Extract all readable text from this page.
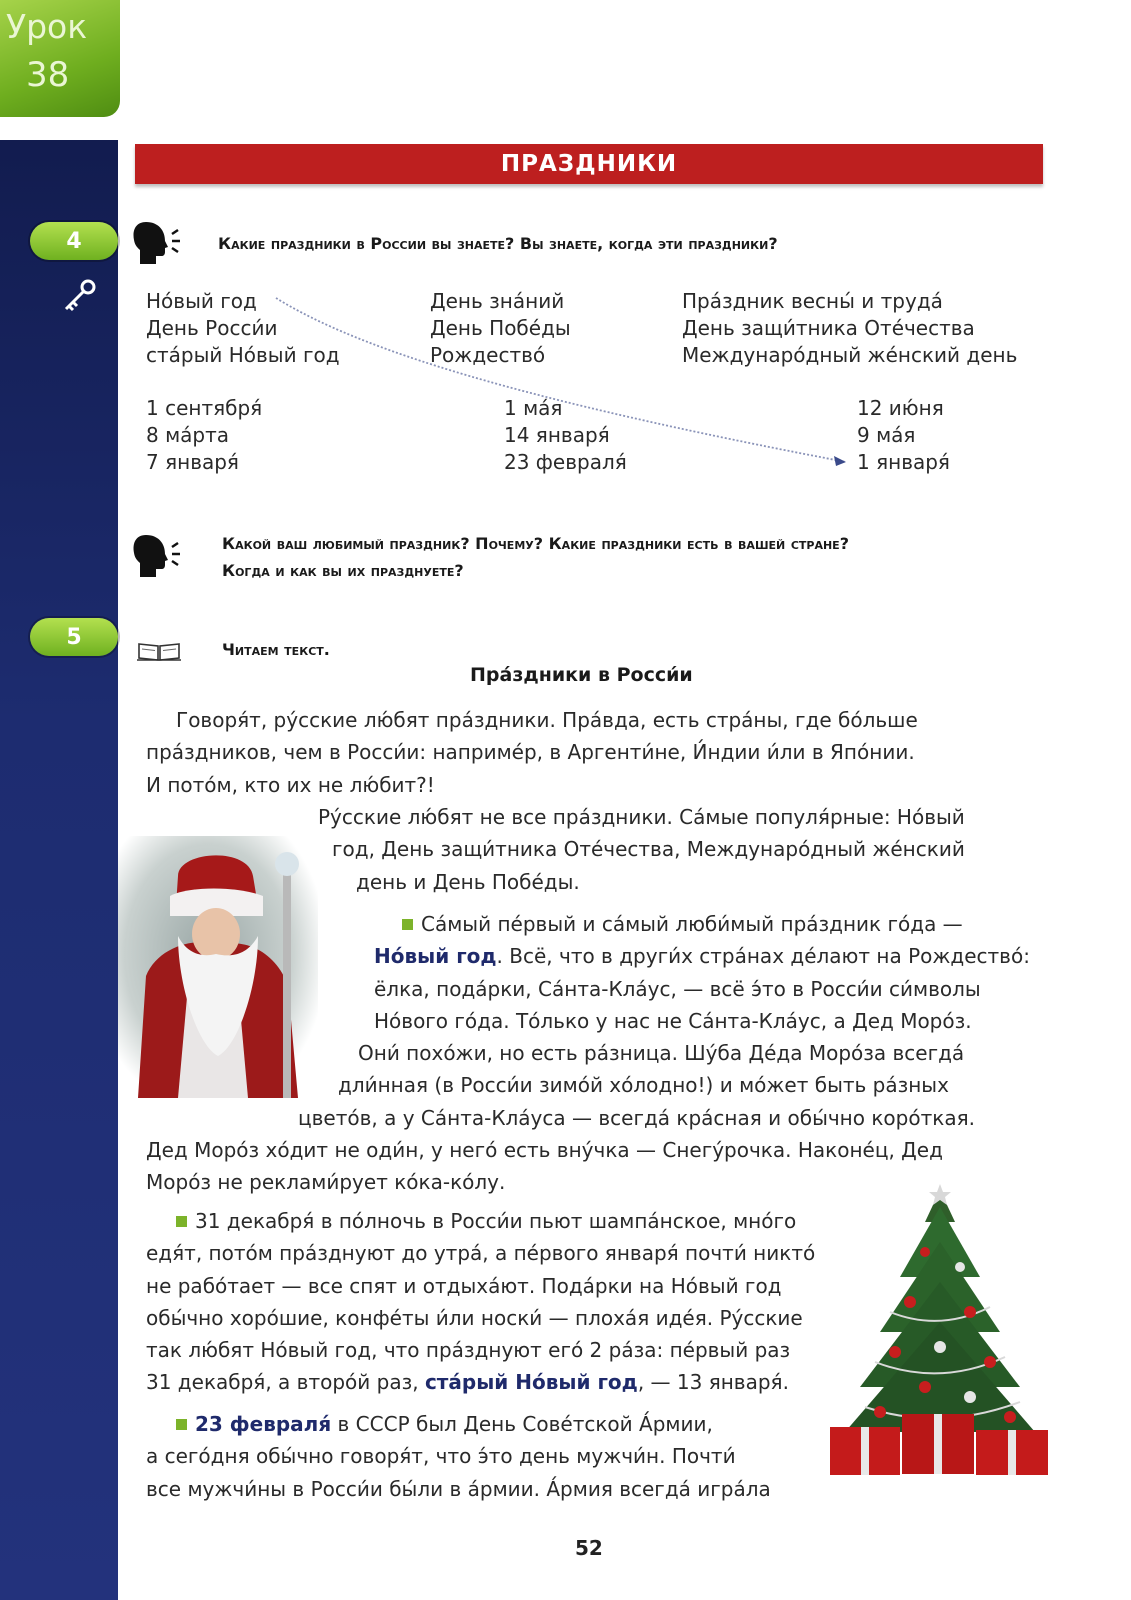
Урок
38
4
5
ПРАЗДНИКИ
Какие праздники в России вы знаете? Вы знаете, когда эти праздники?
Но́вый год
День Росси́и
ста́рый Но́вый год
День зна́ний
День Побе́ды
Рождество́
Пра́здник весны́ и труда́
День защи́тника Оте́чества
Междунаро́дный же́нский день
1 сентября́
8 ма́рта
7 января́
1 ма́я
14 января́
23 февраля́
12 ию́ня
9 ма́я
1 января́
Какой ваш любимый праздник? Почему? Какие праздники есть в вашей стране?
Когда и как вы их празднуете?
Читаем текст.
Пра́здники в Росси́и
Говоря́т, ру́сские лю́бят пра́здники. Пра́вда, есть стра́ны, где бо́льше
пра́здников, чем в Росси́и: наприме́р, в Аргенти́не, И́ндии и́ли в Япо́нии.
И пото́м, кто их не лю́бит?!
Ру́сские лю́бят не все пра́здники. Са́мые популя́рные: Но́вый
год, День защи́тника Оте́чества, Междунаро́дный же́нский
день и День Побе́ды.
Са́мый пе́рвый и са́мый люби́мый пра́здник го́да —
Но́вый год. Всё, что в други́х стра́нах де́лают на Рождество́:
ёлка, пода́рки, Са́нта-Кла́ус, — всё э́то в Росси́и си́мволы
Но́вого го́да. То́лько у нас не Са́нта-Кла́ус, а Дед Моро́з.
Они́ похо́жи, но есть ра́зница. Шу́ба Де́да Моро́за всегда́
дли́нная (в Росси́и зимо́й хо́лодно!) и мо́жет быть ра́зных
цвето́в, а у Са́нта-Кла́уса — всегда́ кра́сная и обы́чно коро́ткая.
Дед Моро́з хо́дит не оди́н, у него́ есть вну́чка — Снегу́рочка. Наконе́ц, Дед
Моро́з не реклами́рует ко́ка-ко́лу.
31 декабря́ в по́лночь в Росси́и пьют шампа́нское, мно́го
едя́т, пото́м пра́зднуют до утра́, а пе́рвого января́ почти́ никто́
не рабо́тает — все спят и отдыха́ют. Пода́рки на Но́вый год
обы́чно хоро́шие, конфе́ты и́ли носки́ — плоха́я иде́я. Ру́сские
так лю́бят Но́вый год, что пра́зднуют его́ 2 ра́за: пе́рвый раз
31 декабря́, а второ́й раз, ста́рый Но́вый год, — 13 января́.
23 февраля́ в СССР был День Сове́тской А́рмии,
а сего́дня обы́чно говоря́т, что э́то день мужчи́н. Почти́
все мужчи́ны в Росси́и бы́ли в а́рмии. А́рмия всегда́ игра́ла
52
